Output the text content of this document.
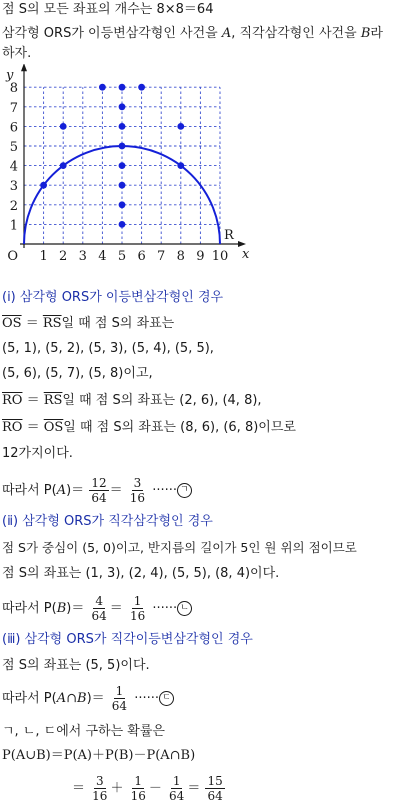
점 S의 모든 좌표의 개수는 8×8＝64
삼각형 ORS가 이등변삼각형인 사건을 A, 직각삼각형인 사건을 B라
하자.
1 2 3 4 5 6 7 8 9 10
1
2
3
4
5
6
7
8
O
R
x
y
(ⅰ) 삼각형 ORS가 이등변삼각형인 경우
$\overline{OS} = \overline{RS}$일 때 점 S의 좌표는
(5, 1), (5, 2), (5, 3), (5, 4), (5, 5),
(5, 6), (5, 7), (5, 8)이고,
$\overline{RO} = \overline{RS}$일 때 점 S의 좌표는 (2, 6), (4, 8),
$\overline{RO} = \overline{OS}$일 때 점 S의 좌표는 (8, 6), (6, 8)이므로
12가지이다.
따라서 $P(A)= \frac{12}{64} = \frac{3}{16}$ ······ ㄱ
(ⅱ) 삼각형 ORS가 직각삼각형인 경우
점 S가 중심이 (5, 0)이고, 반지름의 길이가 5인 원 위의 점이므로
점 S의 좌표는 (1, 3), (2, 4), (5, 5), (8, 4)이다.
따라서 $P(B)= \frac{4}{64} = \frac{1}{16}$ ······ ㄴ
(ⅲ) 삼각형 ORS가 직각이등변삼각형인 경우
점 S의 좌표는 (5, 5)이다.
따라서 P(A∩B)＝ $\frac{1}{64}$ ······ ㄷ
ㄱ, ㄴ, ㄷ에서 구하는 확률은
P(A∪B)＝P(A)＋P(B)－P(A∩B)
＝ $\frac{3}{16} + \frac{1}{16} - \frac{1}{64} = \frac{15}{64}$
